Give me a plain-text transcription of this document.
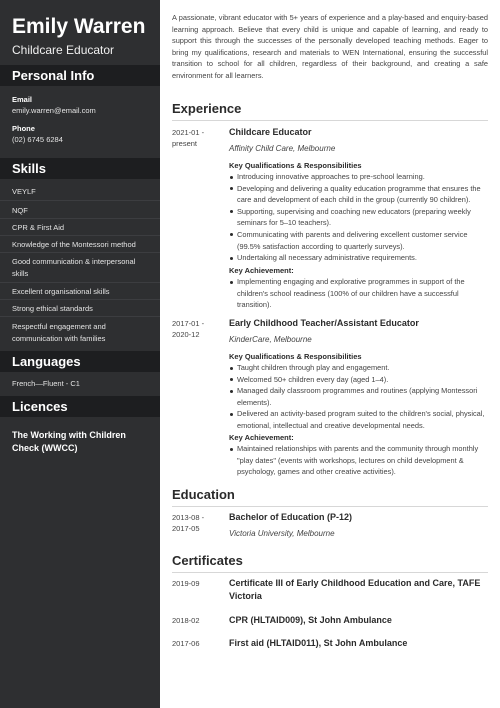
Emily Warren
Childcare Educator
Personal Info
Email
emily.warren@email.com
Phone
(02) 6745 6284
Skills
VEYLF
NQF
CPR & First Aid
Knowledge of the Montessori method
Good communication & interpersonal skills
Excellent organisational skills
Strong ethical standards
Respectful engagement and communication with families
Languages
French—Fluent - C1
Licences
The Working with Children Check (WWCC)
A passionate, vibrant educator with 5+ years of experience and a play-based and enquiry-based learning approach. Believe that every child is unique and capable of learning, and ready to support this through the successes of the personally developed teaching methods. Eager to bring my qualifications, research and materials to WEN International, ensuring the successful transition to school for all children, regardless of their background, and creating a safe environment for all learners.
Experience
2021-01 - present
Childcare Educator
Affinity Child Care, Melbourne
Key Qualifications & Responsibilities
Introducing innovative approaches to pre-school learning.
Developing and delivering a quality education programme that ensures the care and development of each child in the group (currently 90 children).
Supporting, supervising and coaching new educators (preparing weekly seminars for 5–10 teachers).
Communicating with parents and delivering excellent customer service (99.5% satisfaction according to quarterly surveys).
Undertaking all necessary administrative requirements.
Key Achievement:
Implementing engaging and explorative programmes in support of the children's school readiness (100% of our children have a successful transition).
2017-01 - 2020-12
Early Childhood Teacher/Assistant Educator
KinderCare, Melbourne
Key Qualifications & Responsibilities
Taught children through play and engagement.
Welcomed 50+ children every day (aged 1–4).
Managed daily classroom programmes and routines (applying Montessori elements).
Delivered an activity-based program suited to the children's social, physical, emotional, intellectual and creative developmental needs.
Key Achievement:
Maintained relationships with parents and the community through monthly "play dates" (events with workshops, lectures on child development & psychology, games and other creative activities).
Education
2013-08 - 2017-05
Bachelor of Education (P-12)
Victoria University, Melbourne
Certificates
2019-09	Certificate III of Early Childhood Education and Care, TAFE Victoria
2018-02	CPR (HLTAID009), St John Ambulance
2017-06	First aid (HLTAID011), St John Ambulance
